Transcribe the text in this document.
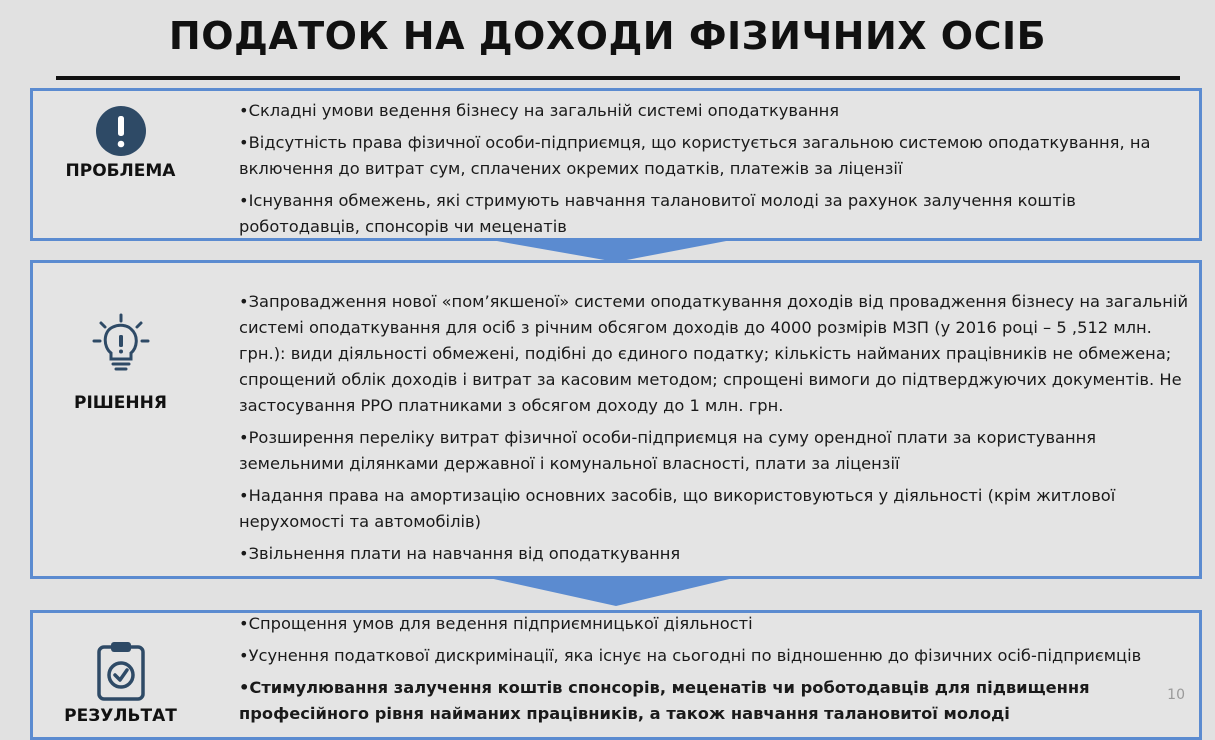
ПОДАТОК НА ДОХОДИ ФІЗИЧНИХ ОСІБ
ПРОБЛЕМА
•Складні умови ведення бізнесу на загальній системі оподаткування
•Відсутність права фізичної особи-підприємця, що користується загальною системою оподаткування, на включення до витрат сум, сплачених окремих податків, платежів за ліцензії
•Існування обмежень, які стримують навчання талановитої молоді за рахунок залучення коштів роботодавців, спонсорів чи меценатів
РІШЕННЯ
•Запровадження нової «пом’якшеної» системи оподаткування доходів від провадження бізнесу на загальній системі оподаткування для осіб з річним обсягом доходів до 4000 розмірів МЗП (у 2016 році – 5 ,512 млн. грн.): види діяльності обмежені, подібні до єдиного податку; кількість найманих працівників не обмежена; спрощений облік доходів і витрат за касовим методом; спрощені вимоги до підтверджуючих документів. Не застосування РРО платниками з обсягом доходу до 1 млн. грн.
•Розширення переліку витрат фізичної особи-підприємця на суму орендної плати за користування земельними ділянками державної і комунальної власності, плати за ліцензії
•Надання права на амортизацію основних засобів, що використовуються у діяльності (крім житлової нерухомості та автомобілів)
•Звільнення плати на навчання від оподаткування
РЕЗУЛЬТАТ
•Спрощення умов для ведення підприємницької діяльності
•Усунення податкової дискримінації, яка існує на сьогодні по відношенню до фізичних осіб-підприємців
•Стимулювання залучення коштів спонсорів, меценатів чи роботодавців для підвищення професійного рівня найманих працівників, а також навчання талановитої молоді
10
